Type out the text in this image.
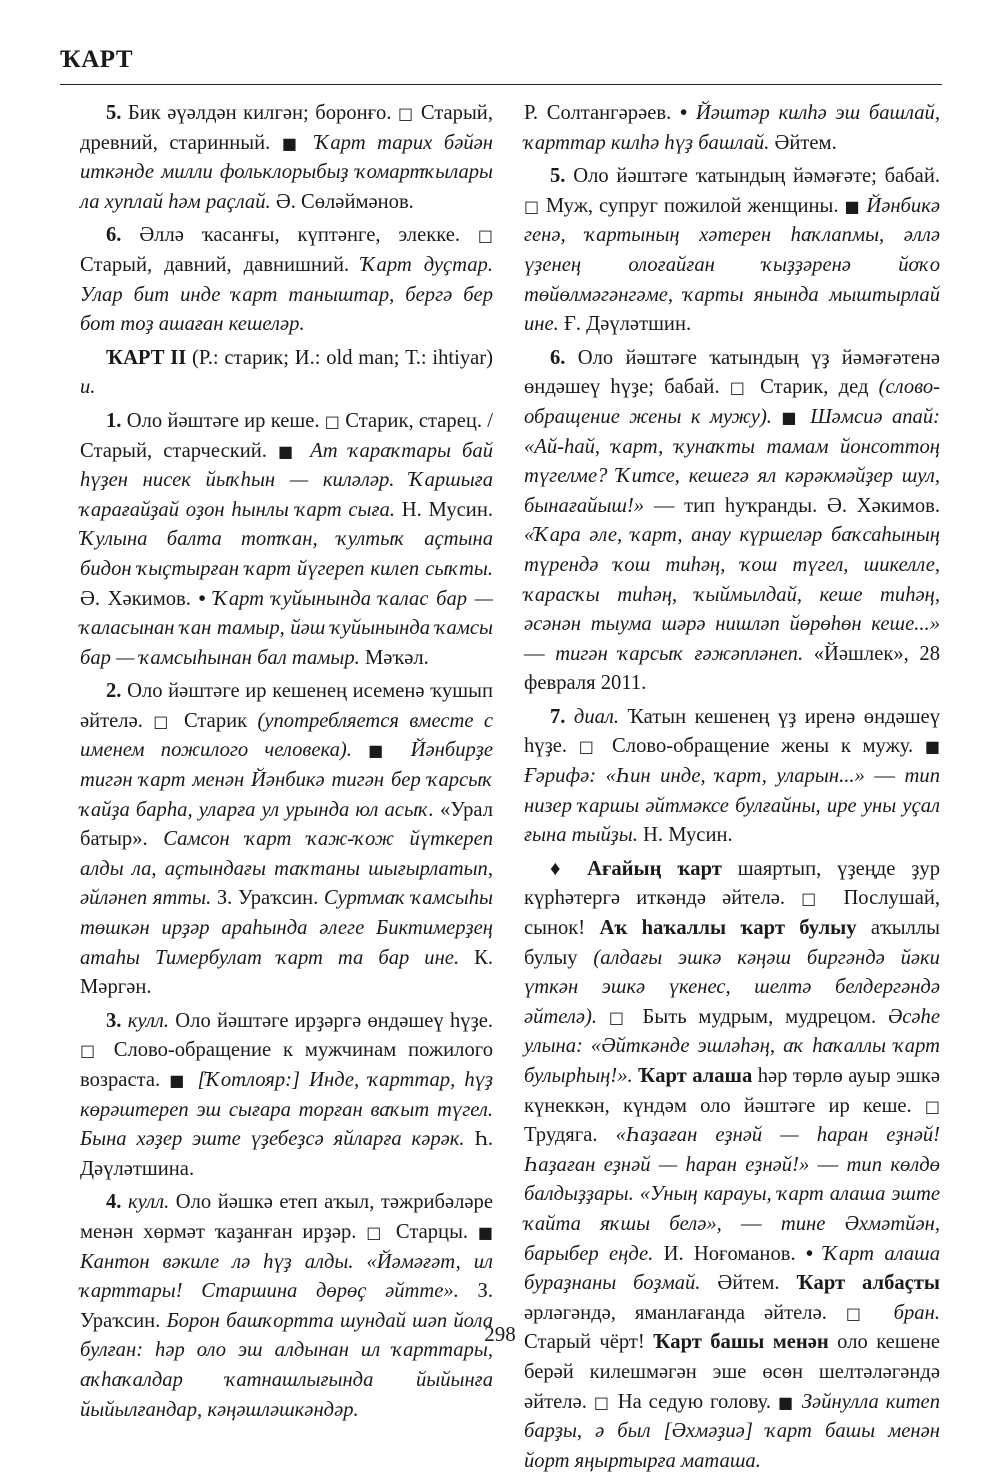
ҠАРТ

5. Бик әүәлдән килгән; боронғо. □ Старый, древний, старинный. ■ Ҡарт тарих бәйән иткәнде милли фольклорыбыҙ ҡомартҡылары ла хуплай һәм раҫлай. Ә. Сөләймәнов.

6. Әллә ҡасанғы, күптәнге, элекке. □ Старый, давний, давнишний. Ҡарт дуҫтар. Улар бит инде ҡарт таныштар, бергә бер бот тоҙ ашаған кешеләр.

ҠАРТ II (Р.: старик; И.: old man; Т.: ihtiyar) и.

1. Оло йәштәге ир кеше. □ Старик, старец. / Старый, старческий. ■ Ат ҡараҡтары бай һүҙен нисек йыҡһын — киләләр. Ҡаршыға ҡарағайҙай оҙон һынлы ҡарт сыға. Н. Мусин. Ҡулына балта тотҡан, ҡултыҡ аҫтына бидон ҡыҫтырған ҡарт йүгереп килеп сыҡты. Ә. Хәкимов. • Ҡарт ҡуйынында ҡалас бар — ҡаласынан ҡан тамыр, йәш ҡуйынында ҡамсы бар — ҡамсыһынан бал тамыр. Мәҡәл.

2. Оло йәштәге ир кешенең исеменә ҡушып әйтелә. □ Старик (употребляется вместе с именем пожилого человека). ■ Йәнбирҙе тигән ҡарт менән Йәнбикә тигән бер ҡарсыҡ ҡайҙа барһа, уларға ул урында юл асыҡ. «Урал батыр». Самсон ҡарт ҡаж-ҡож йүткереп алды ла, аҫтындағы таҡтаны шығырлатып, әйләнеп ятты. З. Ураҡсин. Суртмаҡ ҡамсыһы төшкән ирҙәр араһында әлеге Биктимерҙең атаһы Тимербулат ҡарт та бар ине. К. Мәргән.

3. кулл. Оло йәштәге ирҙәргә өндәшеү һүҙе. □ Слово-обращение к мужчинам пожилого возраста. ■ [Ҡотлояр:] Инде, ҡарттар, һүҙ көрәштереп эш сығара торған ваҡыт түгел. Бына хәҙер эште үҙебеҙсә яйларға кәрәк. Һ. Дәүләтшина.

4. кулл. Оло йәшкә етеп аҡыл, тәжрибәләре менән хөрмәт ҡаҙанған ирҙәр. □ Старцы. ■ Кантон вәкиле лә һүҙ алды. «Йәмәғәт, ил ҡарттары! Старшина дөрөҫ әйтте». З. Ураҡсин. Борон башҡортта шундай шәп йола булған: һәр оло эш алдынан ил ҡарттары, аҡһаҡалдар ҡатнашлығында йыйынға йыйылғандар, кәңәшләшкәндәр.

Р. Солтангәрәев. • Йәштәр килһә эш башлай, ҡарттар килһә һүҙ башлай. Әйтем.

5. Оло йәштәге ҡатындың йәмәғәте; бабай. □ Муж, супруг пожилой женщины. ■ Йәнбикә генә, ҡартының хәтерен һаҡлапмы, әллә үҙенең олоғайған ҡыҙҙәренә йоҡо төйөлмәгәнгәме, ҡарты янында мыштырлай ине. Ғ. Дәүләтшин.

6. Оло йәштәге ҡатындың үҙ йәмәғәтенә өндәшеү һүҙе; бабай. □ Старик, дед (слово-обращение жены к мужу). ■ Шәмсиә апай: «Ай-һай, ҡарт, ҡунаҡты тамам йонсоттоң түгелме? Ҡитсе, кешегә ял кәрәкмәйҙер шул, бынағайыш!» — тип һуҡранды. Ә. Хәкимов. «Ҡара әле, ҡарт, анау күршеләр баҡсаһының түрендә ҡош тиһәң, ҡош түгел, шикелле, ҡарасҡы тиһәң, ҡыймылдай, кеше тиһәң, әсәнән тыума шәрә нишләп йөрөһөн кеше...» — тигән ҡарсыҡ ғәжәпләнеп. «Йәшлек», 28 февраля 2011.

7. диал. Ҡатын кешенең үҙ иренә өндәшеү һүҙе. □ Слово-обращение жены к мужу. ■ Ғәрифә: «Һин инде, ҡарт, уларын...» — тип низер ҡаршы әйтмәксе булғайны, ире уны уҫал ғына тыйҙы. Н. Мусин.

♦ Ағайың ҡарт шаяртып, үҙеңде ҙур күрһәтергә иткәндә әйтелә. □ Послушай, сынок! Аҡ һаҡаллы ҡарт булыу аҡыллы булыу (алдағы эшкә кәңәш биргәндә йәки үткән эшкә үкенес, шелтә белдергәндә әйтелә). □ Быть мудрым, мудрецом. Әсәһе улына: «Әйткәнде эшләһәң, аҡ һаҡаллы ҡарт булырһың!». Ҡарт алаша һәр төрлө ауыр эшкә күнеккән, күндәм оло йәштәге ир кеше. □ Трудяга. «Һаҙаған еҙнәй — һаран еҙнәй! Һаҙаған еҙнәй — һаран еҙнәй!» — тип көлдө балдыҙҙары. «Уның карауы, ҡарт алаша эште ҡайта яҡшы белә», — тине Әхмәтйән, барыбер еңде. И. Ноғоманов. • Ҡарт алаша бураҙнаны боҙмай. Әйтем. Ҡарт албаҫты әрләгәндә, яманлағанда әйтелә. □ бран. Старый чёрт! Ҡарт башы менән оло кешене берәй килешмәгән эше өсөн шелтәләгәндә әйтелә. □ На седую голову. ■ Зәйнулла китеп барҙы, ә был [Әхмәҙиә] ҡарт башы менән йорт яңыртырға маташа.

298
